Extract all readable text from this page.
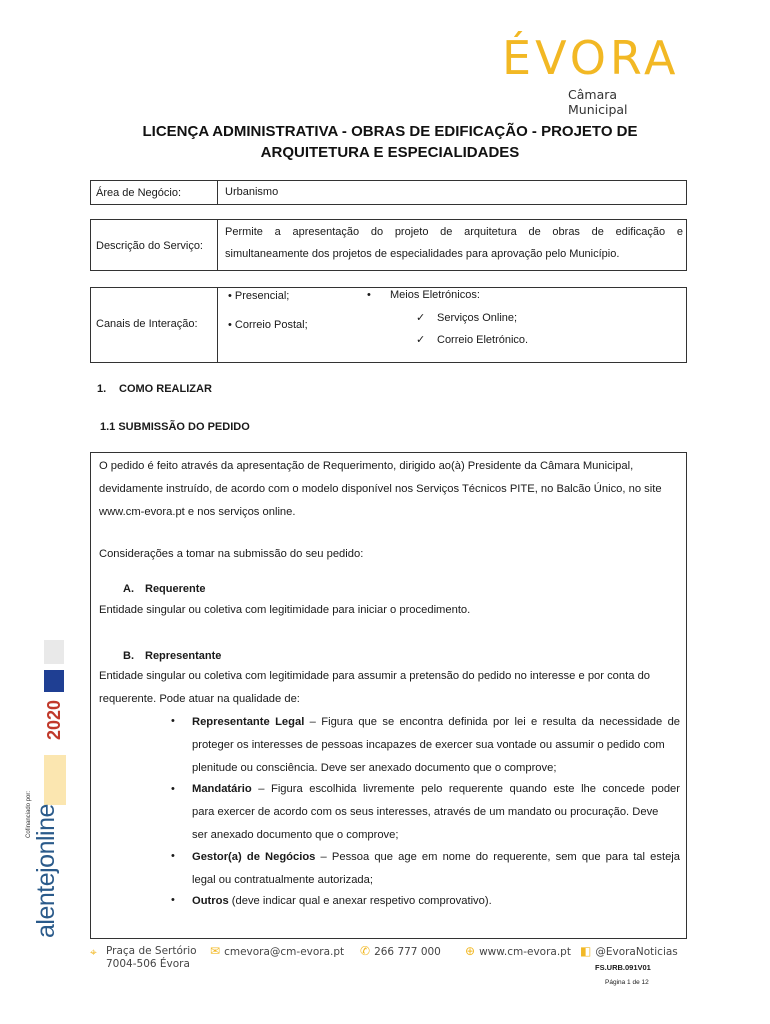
ÉVORA
Câmara Municipal
LICENÇA ADMINISTRATIVA - OBRAS DE EDIFICAÇÃO - PROJETO DE
ARQUITETURA E ESPECIALIDADES
Área de Negócio:	Urbanismo
Descrição do Serviço:
Permite a apresentação do projeto de arquitetura de obras de edificação e
simultaneamente dos projetos de especialidades para aprovação pelo Município.
Canais de Interação:
• Presencial;
• Correio Postal;
• Meios Eletrónicos:
✓ Serviços Online;
✓ Correio Eletrónico.
1. COMO REALIZAR
1.1 SUBMISSÃO DO PEDIDO
O pedido é feito através da apresentação de Requerimento, dirigido ao(à) Presidente da Câmara Municipal,
devidamente instruído, de acordo com o modelo disponível nos Serviços Técnicos PITE, no Balcão Único, no site
www.cm-evora.pt e nos serviços online.
Considerações a tomar na submissão do seu pedido:
A. Requerente
Entidade singular ou coletiva com legitimidade para iniciar o procedimento.
B. Representante
Entidade singular ou coletiva com legitimidade para assumir a pretensão do pedido no interesse e por conta do
requerente. Pode atuar na qualidade de:
• Representante Legal – Figura que se encontra definida por lei e resulta da necessidade de
proteger os interesses de pessoas incapazes de exercer sua vontade ou assumir o pedido com
plenitude ou consciência. Deve ser anexado documento que o comprove;
• Mandatário – Figura escolhida livremente pelo requerente quando este lhe concede poder
para exercer de acordo com os seus interesses, através de um mandato ou procuração. Deve
ser anexado documento que o comprove;
• Gestor(a) de Negócios – Pessoa que age em nome do requerente, sem que para tal esteja
legal ou contratualmente autorizada;
• Outros (deve indicar qual e anexar respetivo comprovativo).
2020
Cofinanciado por: alentejonline
⌖ Praça de Sertório
7004-506 Évora
✉ cmevora@cm-evora.pt ✆ 266 777 000 ⊕ www.cm-evora.pt ◧ @EvoraNoticias
FS.URB.091V01
Página 1 de 12
